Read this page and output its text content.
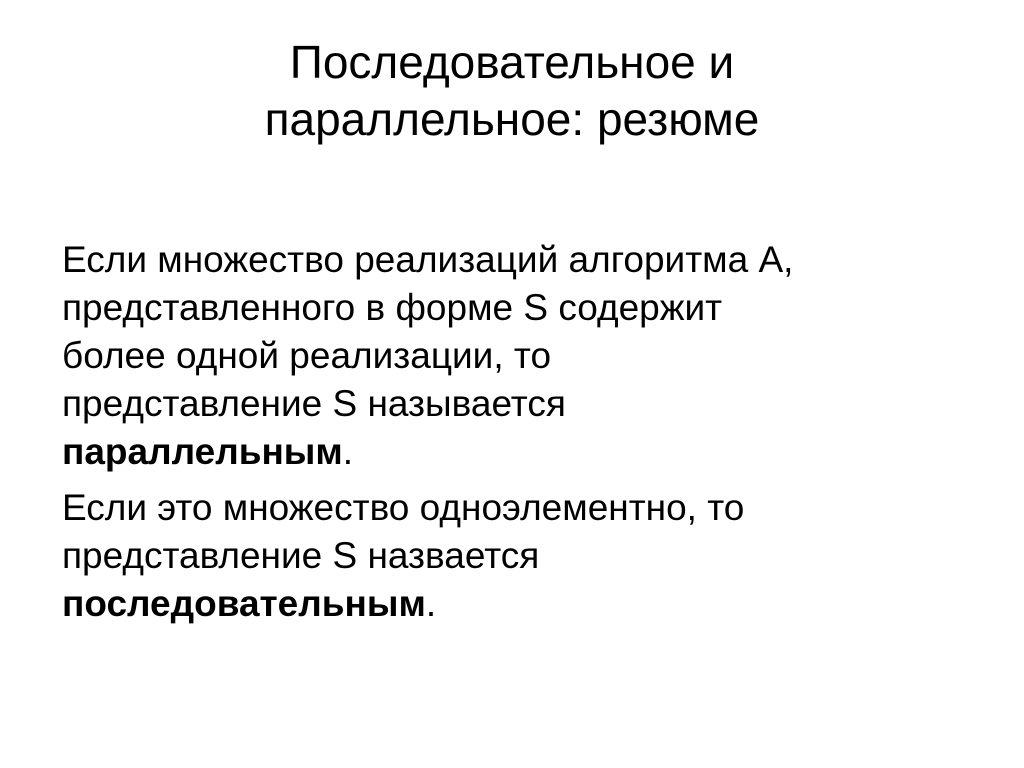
Последовательное и
параллельное: резюме

Если множество реализаций алгоритма A,
представленного в форме S содержит
более одной реализации, то
представление S называется
параллельным.

Если это множество одноэлементно, то
представление S назвается
последовательным.
